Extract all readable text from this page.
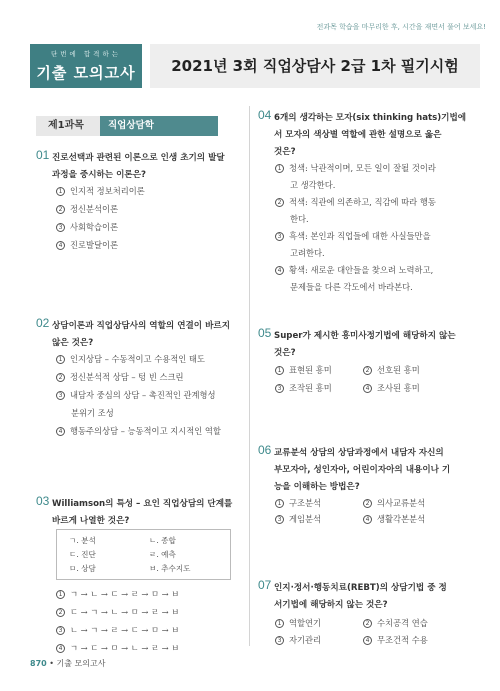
전과목 학습을 마무리한 후, 시간을 재면서 풀어 보세요!
단번에 합격하는
기출 모의고사	2021년 3회 직업상담사 2급 1차 필기시험
제1과목	직업상담학
01 진로선택과 관련된 이론으로 인생 초기의 발달
과정을 중시하는 이론은?
1 인지적 정보처리이론
2 정신분석이론
3 사회학습이론
4 진로발달이론
02 상담이론과 직업상담사의 역할의 연결이 바르지
않은 것은?
1 인지상담 – 수동적이고 수용적인 태도
2 정신분석적 상담 – 텅 빈 스크린
3 내담자 중심의 상담 – 촉진적인 관계형성
분위기 조성
4 행동주의상담 – 능동적이고 지시적인 역할
03 Williamson의 특성 – 요인 직업상담의 단계를
바르게 나열한 것은?
ㄱ. 분석	ㄴ. 종합
ㄷ. 진단	ㄹ. 예측
ㅁ. 상담	ㅂ. 추수지도
1 ㄱ → ㄴ → ㄷ → ㄹ → ㅁ → ㅂ
2 ㄷ → ㄱ → ㄴ → ㅁ → ㄹ → ㅂ
3 ㄴ → ㄱ → ㄹ → ㄷ → ㅁ → ㅂ
4 ㄱ → ㄷ → ㅁ → ㄴ → ㄹ → ㅂ
04 6개의 생각하는 모자(six thinking hats)기법에
서 모자의 색상별 역할에 관한 설명으로 옳은
것은?
1 청색: 낙관적이며, 모든 일이 잘될 것이라
고 생각한다.
2 적색: 직관에 의존하고, 직감에 따라 행동
한다.
3 흑색: 본인과 직업들에 대한 사실들만을
고려한다.
4 황색: 새로운 대안들을 찾으려 노력하고,
문제들을 다른 각도에서 바라본다.
05 Super가 제시한 흥미사정기법에 해당하지 않는
것은?
1 표현된 흥미	2 선호된 흥미
3 조작된 흥미	4 조사된 흥미
06 교류분석 상담의 상담과정에서 내담자 자신의
부모자아, 성인자아, 어린이자아의 내용이나 기
능을 이해하는 방법은?
1 구조분석	2 의사교류분석
3 게임분석	4 생활각본분석
07 인지·정서·행동치료(REBT)의 상담기법 중 정
서기법에 해당하지 않는 것은?
1 역할연기	2 수치공격 연습
3 자기관리	4 무조건적 수용
870 • 기출 모의고사
